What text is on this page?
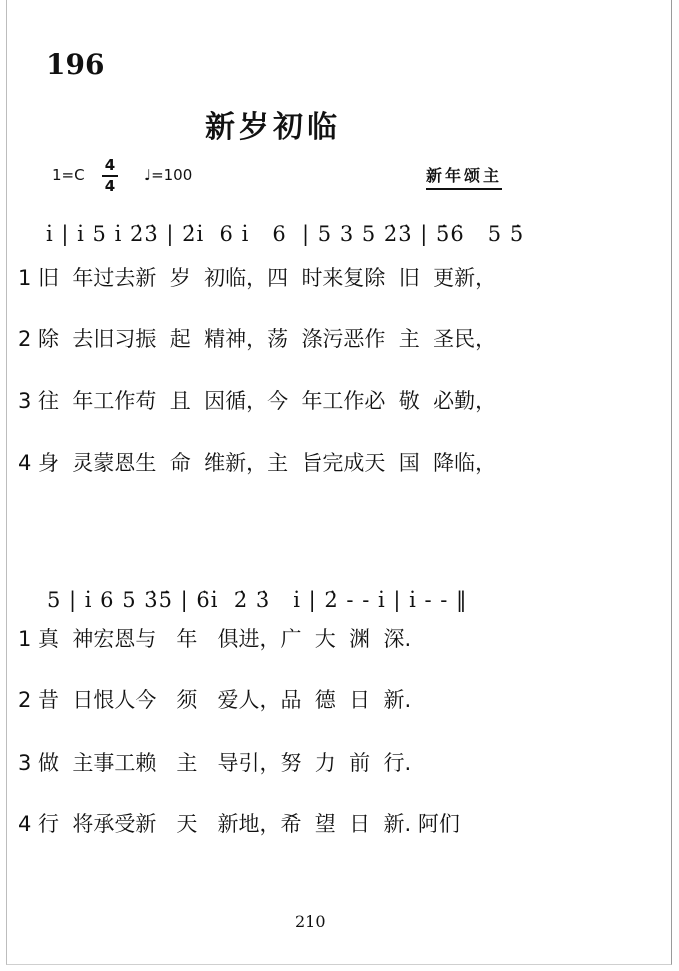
196
新岁初临
1=C
4
4
♩=100	新年颂主
i̇ | i̇ 5 i̇ 2̇3̇ | 2̇i̇  6 i̇   6  | 5 3 5 2̇3̇ | 5̇6̇   5 5̇
1 旧  年过去新  岁  初临，四  时来复除  旧  更新，
2 除  去旧习振  起  精神，荡  涤污恶作  主  圣民，
3 往  年工作苟  且  因循，今  年工作必  敬  必勤，
4 身  灵蒙恩生  命  维新，主  旨完成天  国  降临，
5 | i̇ 6 5 3̇5̇ | 6̇i̇  2̇ 3̇   i̇ | 2̇ - - i̇ | i̇ - - ‖
1 真  神宏恩与   年   俱进，广  大  渊  深.
2 昔  日恨人今   须   爱人，品  德  日  新.
3 做  主事工赖   主   导引，努  力  前  行.
4 行  将承受新   天   新地，希  望  日  新. 阿们
210
